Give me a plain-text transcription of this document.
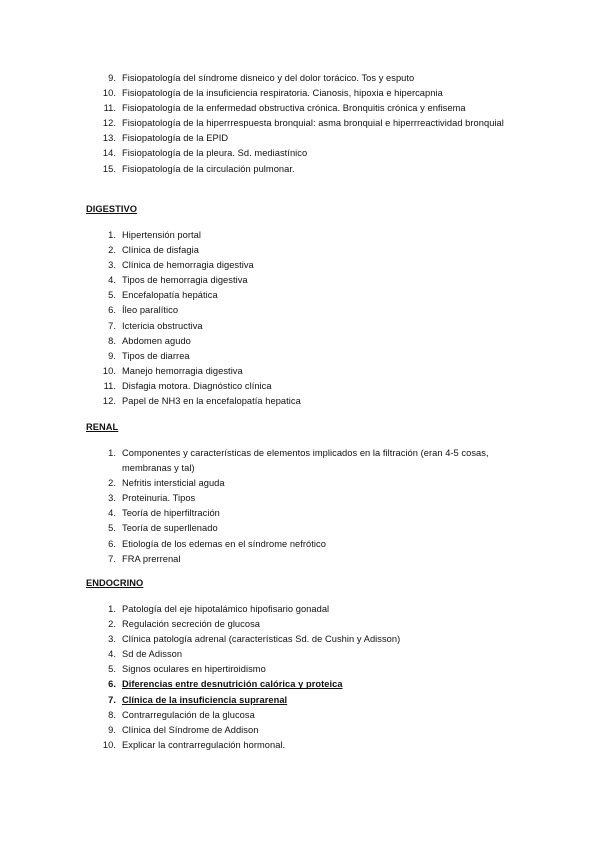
9. Fisiopatología del síndrome disneico y del dolor torácico. Tos y esputo
10. Fisiopatología de la insuficiencia respiratoria. Cianosis, hipoxia e hipercapnia
11. Fisiopatología de la enfermedad obstructiva crónica. Bronquitis crónica y enfisema
12. Fisiopatología de la hiperrrespuesta bronquial: asma bronquial e hiperrreactividad bronquial
13. Fisiopatología de la EPID
14. Fisiopatología de la pleura. Sd. mediastínico
15. Fisiopatología de la circulación pulmonar.
DIGESTIVO
1. Hipertensión portal
2. Clínica de disfagia
3. Clínica de hemorragia digestiva
4. Tipos de hemorragia digestiva
5. Encefalopatía hepática
6. Íleo paralítico
7. Ictericia obstructiva
8. Abdomen agudo
9. Tipos de diarrea
10. Manejo hemorragia digestiva
11. Disfagia motora. Diagnóstico clínica
12. Papel de NH3 en la encefalopatía hepatica
RENAL
1. Componentes y características de elementos implicados en la filtración (eran 4-5 cosas, membranas y tal)
2. Nefritis intersticial aguda
3. Proteinuria. Tipos
4. Teoría de hiperfiltración
5. Teoría de superllenado
6. Etiología de los edemas en el síndrome nefrótico
7. FRA prerrenal
ENDOCRINO
1. Patología del eje hipotalámico hipofisario gonadal
2. Regulación secreción de glucosa
3. Clínica patología adrenal (características Sd. de Cushin y Adisson)
4. Sd de Adisson
5. Signos oculares en hipertiroidismo
6. Diferencias entre desnutrición calórica y proteica
7. Clínica de la insuficiencia suprarenal
8. Contrarregulación de la glucosa
9. Clínica del Síndrome de Addison
10. Explicar la contrarregulación hormonal.
